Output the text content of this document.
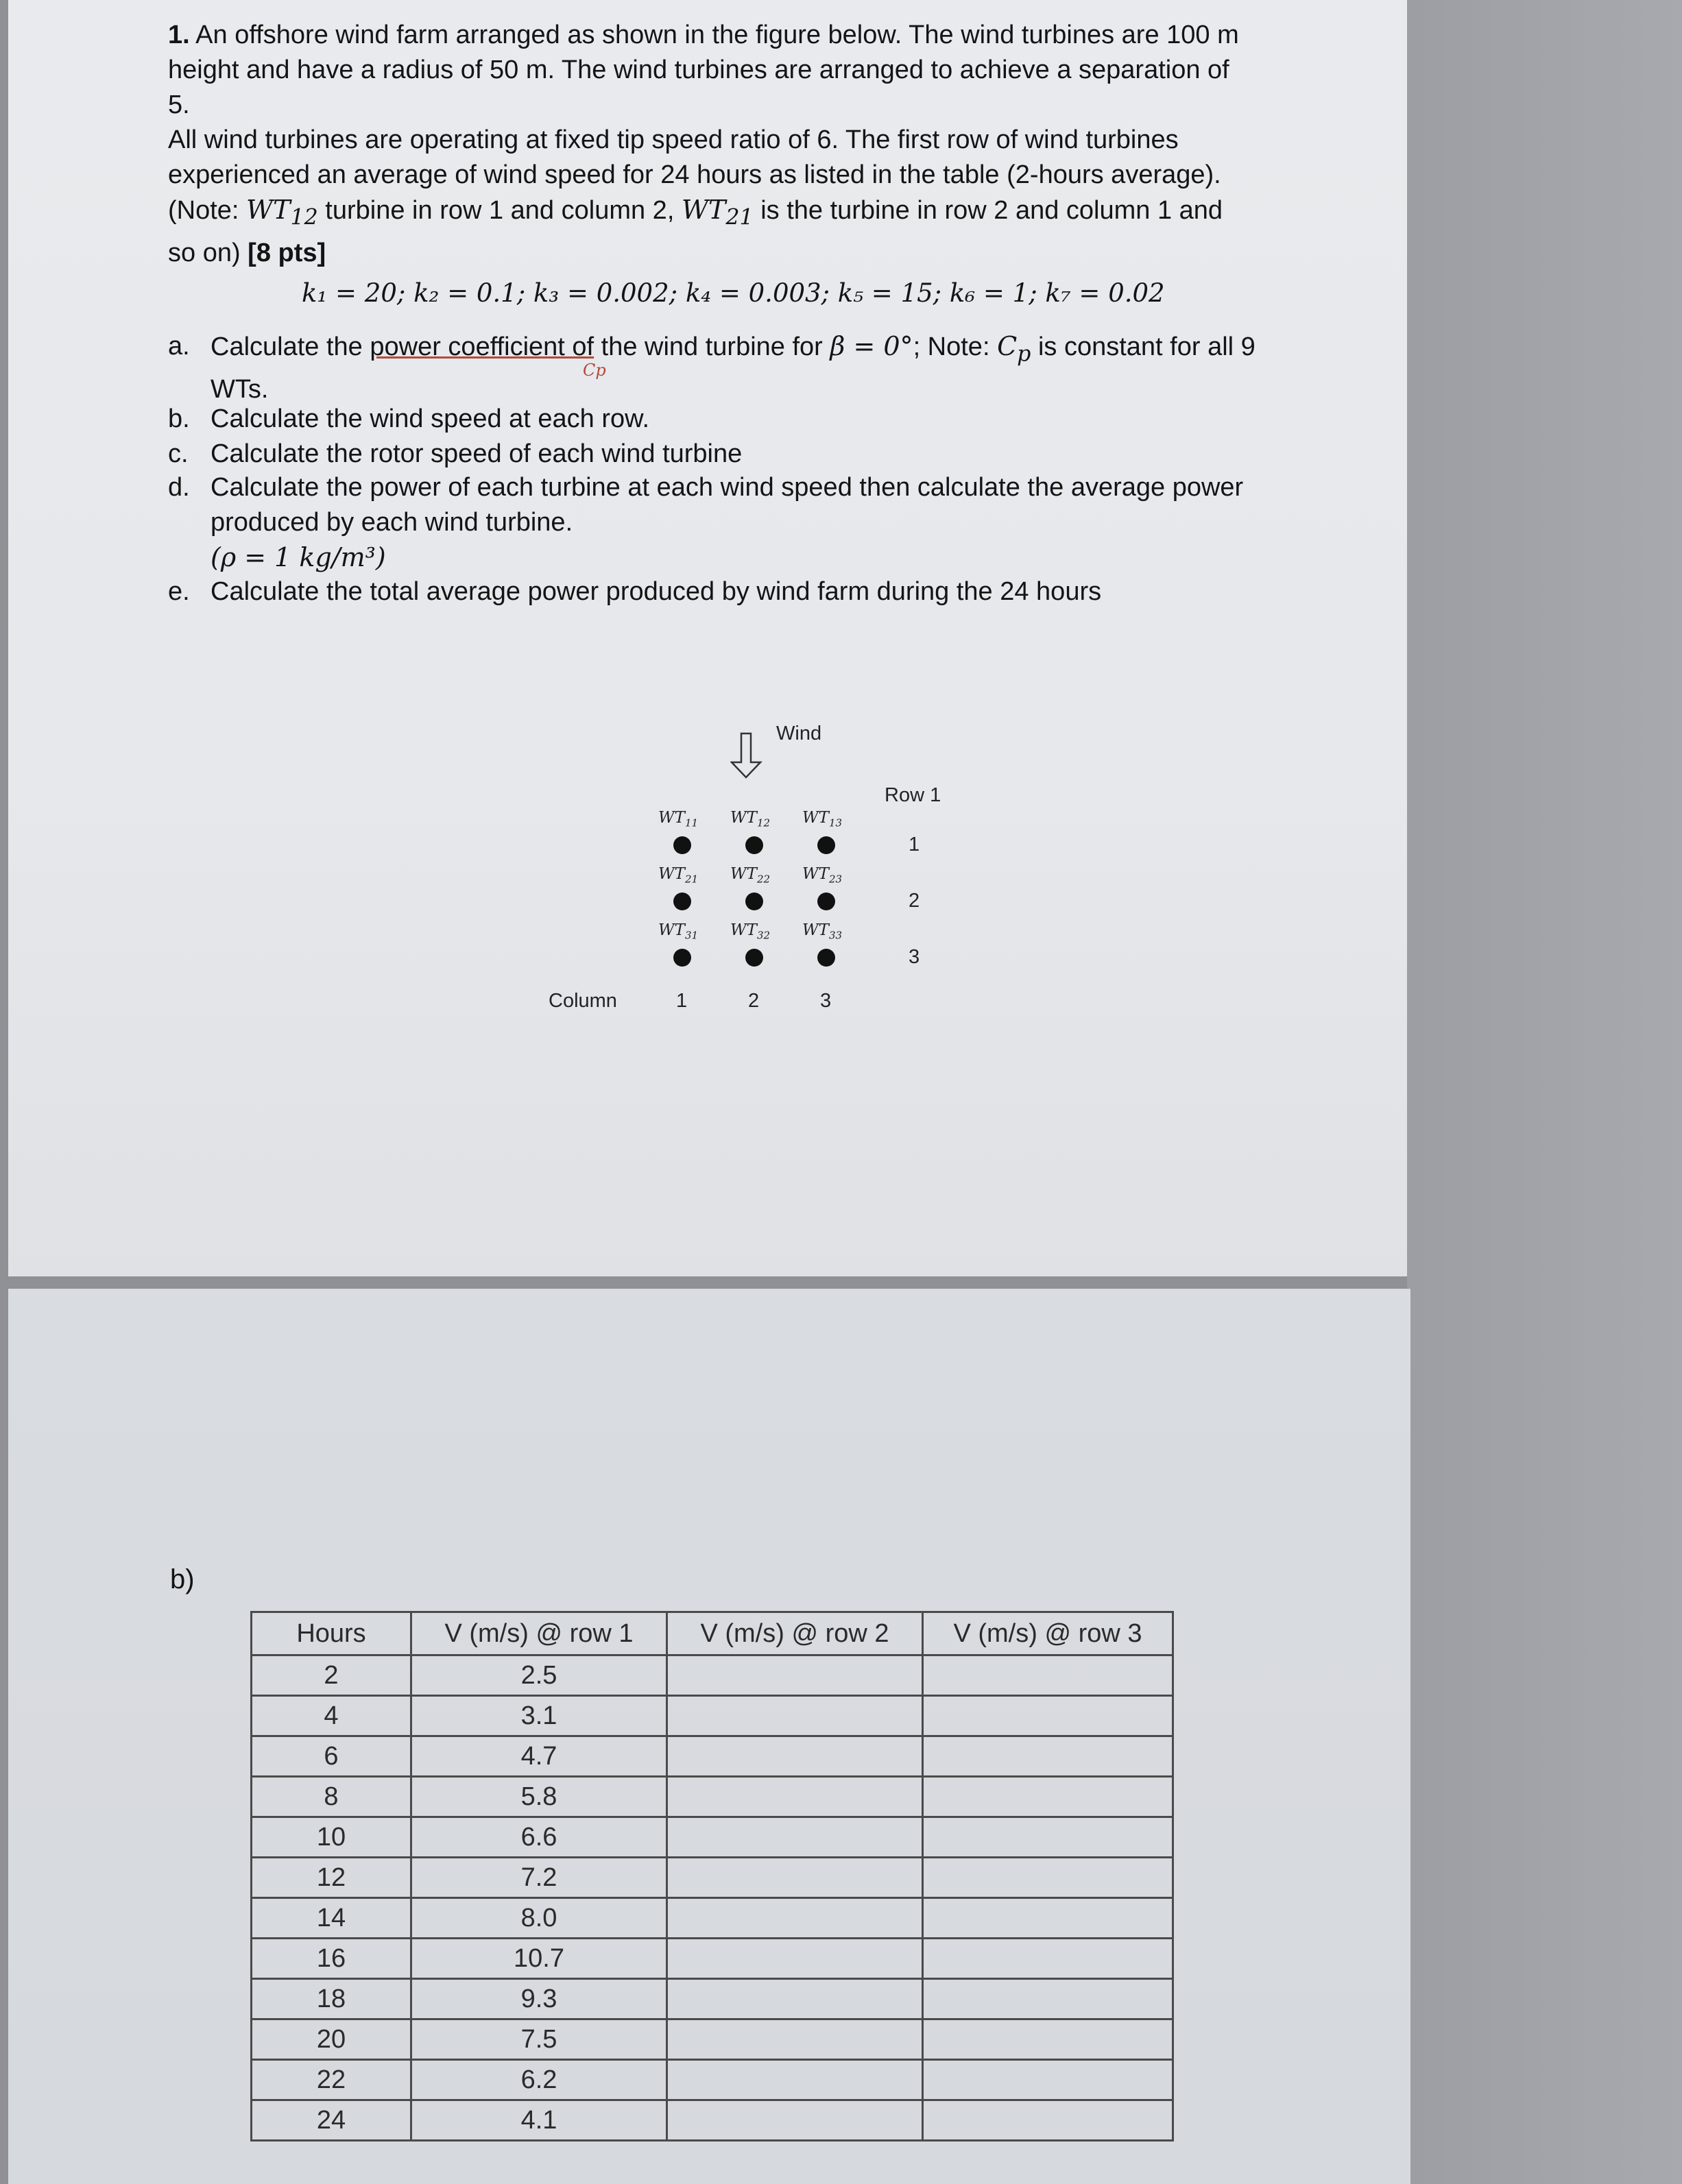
1. An offshore wind farm arranged as shown in the figure below. The wind turbines are 100 m height and have a radius of 50 m. The wind turbines are arranged to achieve a separation of 5.
All wind turbines are operating at fixed tip speed ratio of 6. The first row of wind turbines experienced an average of wind speed for 24 hours as listed in the table (2-hours average). (Note: $WT_{12}$ turbine in row 1 and column 2, $WT_{21}$ is the turbine in row 2 and column 1 and so on) [8 pts]
k₁ = 20; k₂ = 0.1; k₃ = 0.002; k₄ = 0.003; k₅ = 15; k₆ = 1; k₇ = 0.02
a. Calculate the power coefficient of the wind turbine for β = 0°; Note: $C_p$ is constant for all 9 WTs.
Cp
b. Calculate the wind speed at each row.
c. Calculate the rotor speed of each wind turbine
d. Calculate the power of each turbine at each wind speed then calculate the average power produced by each wind turbine.
(ρ = 1 kg/m³)
e. Calculate the total average power produced by wind farm during the 24 hours
Wind
Row 1
$WT_{11}$ $WT_{12}$ $WT_{13}$
1
$WT_{21}$ $WT_{22}$ $WT_{23}$
2
$WT_{31}$ $WT_{32}$ $WT_{33}$
3
Column	1	2	3
b)
Hours	V (m/s) @ row 1	V (m/s) @ row 2	V (m/s) @ row 3
2	2.5		
4	3.1		
6	4.7		
8	5.8		
10	6.6		
12	7.2		
14	8.0		
16	10.7		
18	9.3		
20	7.5		
22	6.2		
24	4.1		
